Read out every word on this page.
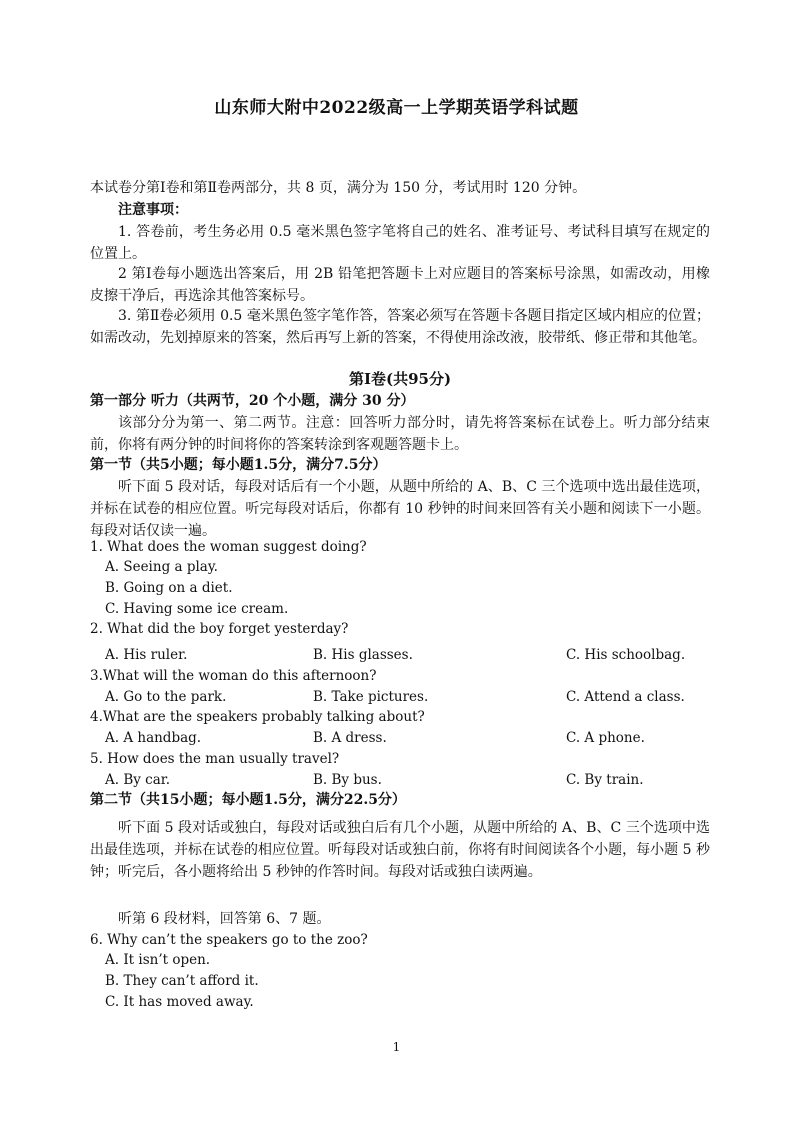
山东师大附中2022级高一上学期英语学科试题
本试卷分第Ⅰ卷和第Ⅱ卷两部分，共 8 页，满分为 150 分，考试用时 120 分钟。
注意事项：
1. 答卷前，考生务必用 0.5 毫米黑色签字笔将自己的姓名、准考证号、考试科目填写在规定的位置上。
2 第Ⅰ卷每小题选出答案后，用 2B 铅笔把答题卡上对应题目的答案标号涂黑，如需改动，用橡皮擦干净后，再选涂其他答案标号。
3. 第Ⅱ卷必须用 0.5 毫米黑色签字笔作答，答案必须写在答题卡各题目指定区域内相应的位置；如需改动，先划掉原来的答案，然后再写上新的答案，不得使用涂改液，胶带纸、修正带和其他笔。
第Ⅰ卷(共95分)
第一部分 听力（共两节，20 个小题，满分 30 分）
该部分分为第一、第二两节。注意：回答听力部分时，请先将答案标在试卷上。听力部分结束前，你将有两分钟的时间将你的答案转涂到客观题答题卡上。
第一节（共5小题；每小题1.5分，满分7.5分）
听下面 5 段对话，每段对话后有一个小题，从题中所给的 A、B、C 三个选项中选出最佳选项，并标在试卷的相应位置。听完每段对话后，你都有 10 秒钟的时间来回答有关小题和阅读下一小题。每段对话仅读一遍。
1. What does the woman suggest doing?
A. Seeing a play.
B. Going on a diet.
C. Having some ice cream.
2. What did the boy forget yesterday?
A. His ruler.	B. His glasses.	C. His schoolbag.
3.What will the woman do this afternoon?
A. Go to the park.	B. Take pictures.	C. Attend a class.
4.What are the speakers probably talking about?
A. A handbag.	B. A dress.	C. A phone.
5. How does the man usually travel?
A. By car.	B. By bus.	C. By train.
第二节（共15小题；每小题1.5分，满分22.5分）
听下面 5 段对话或独白，每段对话或独白后有几个小题，从题中所给的 A、B、C 三个选项中选出最佳选项，并标在试卷的相应位置。听每段对话或独白前，你将有时间阅读各个小题，每小题 5 秒钟；听完后，各小题将给出 5 秒钟的作答时间。每段对话或独白读两遍。
听第 6 段材料，回答第 6、7 题。
6. Why can’t the speakers go to the zoo?
A. It isn’t open.
B. They can’t afford it.
C. It has moved away.
1
